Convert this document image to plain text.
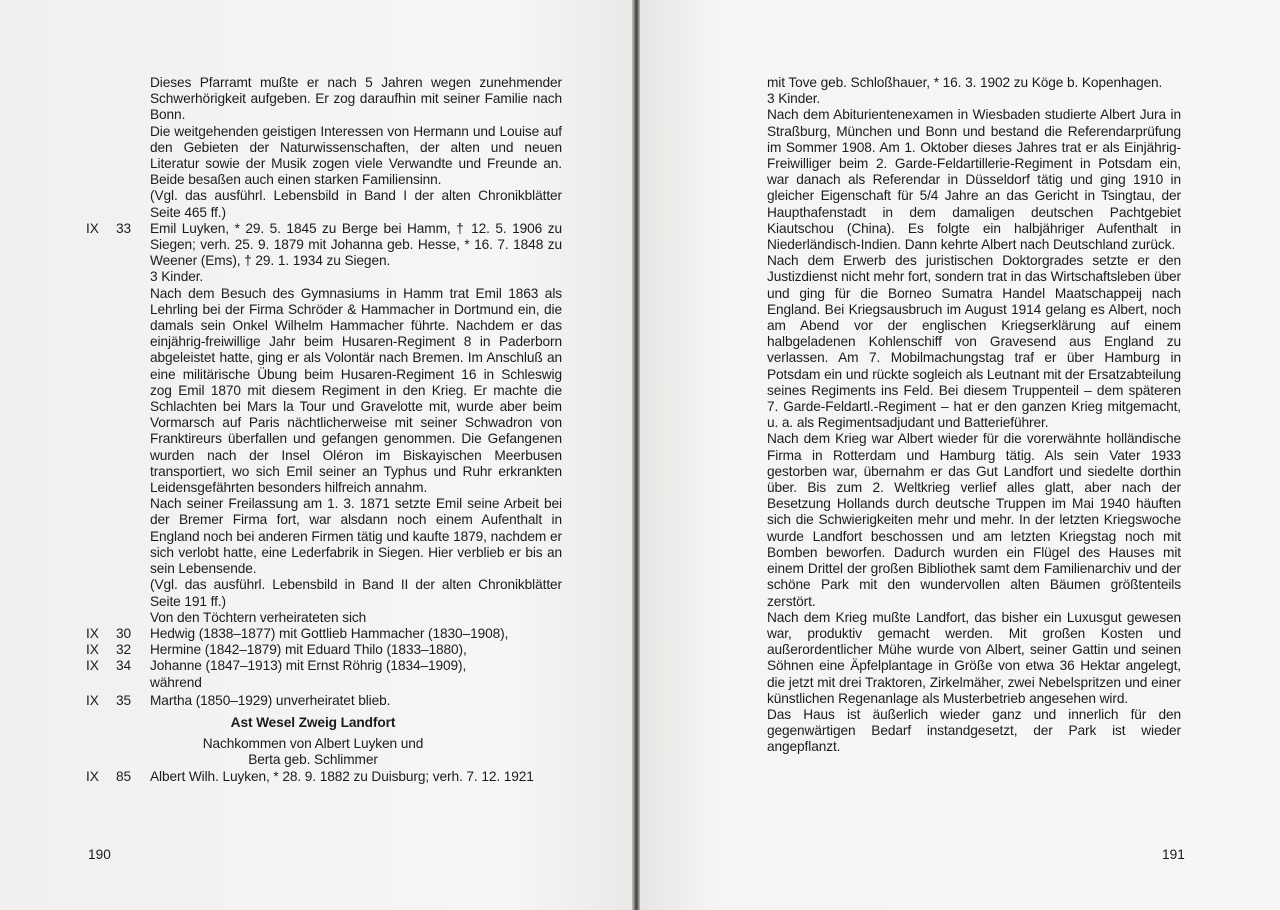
Dieses Pfarramt mußte er nach 5 Jahren wegen zunehmender Schwerhörigkeit aufgeben. Er zog daraufhin mit seiner Familie nach Bonn.

Die weitgehenden geistigen Interessen von Hermann und Louise auf den Gebieten der Naturwissenschaften, der alten und neuen Literatur sowie der Musik zogen viele Verwandte und Freunde an. Beide besaßen auch einen starken Familiensinn.

(Vgl. das ausführl. Lebensbild in Band I der alten Chronikblätter Seite 465 ff.)

IX 33	Emil Luyken, * 29. 5. 1845 zu Berge bei Hamm, † 12. 5. 1906 zu Siegen; verh. 25. 9. 1879 mit Johanna geb. Hesse, * 16. 7. 1848 zu Weener (Ems), † 29. 1. 1934 zu Siegen.

3 Kinder.

Nach dem Besuch des Gymnasiums in Hamm trat Emil 1863 als Lehrling bei der Firma Schröder & Hammacher in Dortmund ein, die damals sein Onkel Wilhelm Hammacher führte. Nachdem er das einjährig-freiwillige Jahr beim Husaren-Regiment 8 in Paderborn abgeleistet hatte, ging er als Volontär nach Bremen. Im Anschluß an eine militärische Übung beim Husaren-Regiment 16 in Schleswig zog Emil 1870 mit diesem Regiment in den Krieg. Er machte die Schlachten bei Mars la Tour und Gravelotte mit, wurde aber beim Vormarsch auf Paris nächtlicherweise mit seiner Schwadron von Franktireurs überfallen und gefangen genommen. Die Gefangenen wurden nach der Insel Oléron im Biskayischen Meerbusen transportiert, wo sich Emil seiner an Typhus und Ruhr erkrankten Leidensgefährten besonders hilfreich annahm.

Nach seiner Freilassung am 1. 3. 1871 setzte Emil seine Arbeit bei der Bremer Firma fort, war alsdann noch einem Aufenthalt in England noch bei anderen Firmen tätig und kaufte 1879, nachdem er sich verlobt hatte, eine Lederfabrik in Siegen. Hier verblieb er bis an sein Lebensende.

(Vgl. das ausführl. Lebensbild in Band II der alten Chronikblätter Seite 191 ff.)

Von den Töchtern verheirateten sich

IX 30	Hedwig (1838–1877) mit Gottlieb Hammacher (1830–1908),

IX 32	Hermine (1842–1879) mit Eduard Thilo (1833–1880),

IX 34	Johanne (1847–1913) mit Ernst Röhrig (1834–1909), während

IX 35	Martha (1850–1929) unverheiratet blieb.

Ast Wesel Zweig Landfort

Nachkommen von Albert Luyken und

Berta geb. Schlimmer

IX 85	Albert Wilh. Luyken, * 28. 9. 1882 zu Duisburg; verh. 7. 12. 1921

190

mit Tove geb. Schloßhauer, * 16. 3. 1902 zu Köge b. Kopenhagen.

3 Kinder.

Nach dem Abiturientenexamen in Wiesbaden studierte Albert Jura in Straßburg, München und Bonn und bestand die Referendarprüfung im Sommer 1908. Am 1. Oktober dieses Jahres trat er als Einjährig-Freiwilliger beim 2. Garde-Feldartillerie-Regiment in Potsdam ein, war danach als Referendar in Düsseldorf tätig und ging 1910 in gleicher Eigenschaft für 5/4 Jahre an das Gericht in Tsingtau, der Haupthafenstadt in dem damaligen deutschen Pachtgebiet Kiautschou (China). Es folgte ein halbjähriger Aufenthalt in Niederländisch-Indien. Dann kehrte Albert nach Deutschland zurück.

Nach dem Erwerb des juristischen Doktorgrades setzte er den Justizdienst nicht mehr fort, sondern trat in das Wirtschaftsleben über und ging für die Borneo Sumatra Handel Maatschappeij nach England. Bei Kriegsausbruch im August 1914 gelang es Albert, noch am Abend vor der englischen Kriegserklärung auf einem halbgeladenen Kohlenschiff von Gravesend aus England zu verlassen. Am 7. Mobilmachungstag traf er über Hamburg in Potsdam ein und rückte sogleich als Leutnant mit der Ersatzabteilung seines Regiments ins Feld. Bei diesem Truppenteil – dem späteren 7. Garde-Feldartl.-Regiment – hat er den ganzen Krieg mitgemacht, u. a. als Regimentsadjudant und Batterieführer.

Nach dem Krieg war Albert wieder für die vorerwähnte holländische Firma in Rotterdam und Hamburg tätig. Als sein Vater 1933 gestorben war, übernahm er das Gut Landfort und siedelte dorthin über. Bis zum 2. Weltkrieg verlief alles glatt, aber nach der Besetzung Hollands durch deutsche Truppen im Mai 1940 häuften sich die Schwierigkeiten mehr und mehr. In der letzten Kriegswoche wurde Landfort beschossen und am letzten Kriegstag noch mit Bomben beworfen. Dadurch wurden ein Flügel des Hauses mit einem Drittel der großen Bibliothek samt dem Familienarchiv und der schöne Park mit den wundervollen alten Bäumen größtenteils zerstört.

Nach dem Krieg mußte Landfort, das bisher ein Luxusgut gewesen war, produktiv gemacht werden. Mit großen Kosten und außerordentlicher Mühe wurde von Albert, seiner Gattin und seinen Söhnen eine Äpfelplantage in Größe von etwa 36 Hektar angelegt, die jetzt mit drei Traktoren, Zirkelmäher, zwei Nebelspritzen und einer künstlichen Regenanlage als Musterbetrieb angesehen wird.

Das Haus ist äußerlich wieder ganz und innerlich für den gegenwärtigen Bedarf instandgesetzt, der Park ist wieder angepflanzt.

191
